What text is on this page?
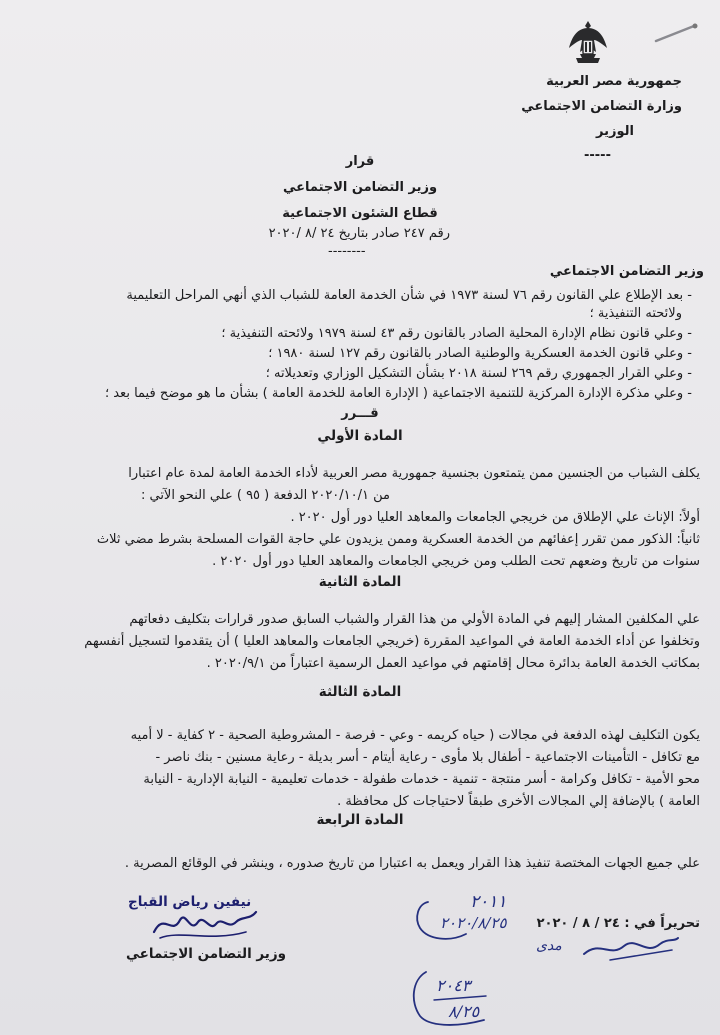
جمهورية مصر العربية
وزارة التضامن الاجتماعي
الوزير
-----
قرار
وزير التضامن الاجتماعي
قطاع الشئون الاجتماعية
رقم ٢٤٧ صادر بتاريخ ٢٤ /٨ /٢٠٢٠
--------
وزير التضامن الاجتماعي
- بعد الإطلاع علي القانون رقم ٧٦ لسنة ١٩٧٣ في شأن الخدمة العامة للشباب الذي أنهي المراحل التعليمية
ولائحته التنفيذية ؛
- وعلي قانون نظام الإدارة المحلية الصادر بالقانون رقم ٤٣ لسنة ١٩٧٩ ولائحته التنفيذية ؛
- وعلي قانون الخدمة العسكرية والوطنية الصادر بالقانون رقم ١٢٧ لسنة ١٩٨٠ ؛
- وعلي القرار الجمهوري رقم ٢٦٩ لسنة ٢٠١٨ بشأن التشكيل الوزاري وتعديلاته ؛
- وعلي مذكرة الإدارة المركزية للتنمية الاجتماعية ( الإدارة العامة للخدمة العامة ) بشأن ما هو موضح فيما بعد ؛
قـــرر
المادة الأولي
يكلف الشباب من الجنسين ممن يتمتعون بجنسية جمهورية مصر العربية لأداء الخدمة العامة لمدة عام اعتبارا
من ٢٠٢٠/١٠/١ الدفعة ( ٩٥ ) علي النحو الآتي :
أولاً: الإناث علي الإطلاق من خريجي الجامعات والمعاهد العليا دور أول ٢٠٢٠ .
ثانياً: الذكور ممن تقرر إعفائهم من الخدمة العسكرية وممن يزيدون علي حاجة القوات المسلحة بشرط مضي ثلاث
سنوات من تاريخ وضعهم تحت الطلب ومن خريجي الجامعات والمعاهد العليا دور أول ٢٠٢٠ .
المادة الثانية
علي المكلفين المشار إليهم في المادة الأولي من هذا القرار والشباب السابق صدور قرارات بتكليف دفعاتهم
وتخلفوا عن أداء الخدمة العامة في المواعيد المقررة (خريجي الجامعات والمعاهد العليا ) أن يتقدموا لتسجيل أنفسهم
بمكاتب الخدمة العامة بدائرة محال إقامتهم في مواعيد العمل الرسمية اعتباراً من ٢٠٢٠/٩/١ .
المادة الثالثة
يكون التكليف لهذه الدفعة في مجالات ( حياه كريمه - وعي - فرصة - المشروطية الصحية - ٢ كفاية - لا أميه
مع تكافل - التأمينات الاجتماعية - أطفال بلا مأوى - رعاية أيتام - أسر بديلة - رعاية مسنين - بنك ناصر -
محو الأمية - تكافل وكرامة - أسر منتجة - تنمية - خدمات طفولة - خدمات تعليمية - النيابة الإدارية - النيابة
العامة ) بالإضافة إلي المجالات الأخرى طبقاً لاحتياجات كل محافظة .
المادة الرابعة
علي جميع الجهات المختصة تنفيذ هذا القرار ويعمل به اعتبارا من تاريخ صدوره ، وينشر في الوقائع المصرية .
نيفين رياض القباج
وزير التضامن الاجتماعي
تحريراً في : ٢٤ / ٨ / ٢٠٢٠
٢٠١١
٢٠٢٠/٨/٢٥
مدى
٢٠٤٣
٨/٢٥
